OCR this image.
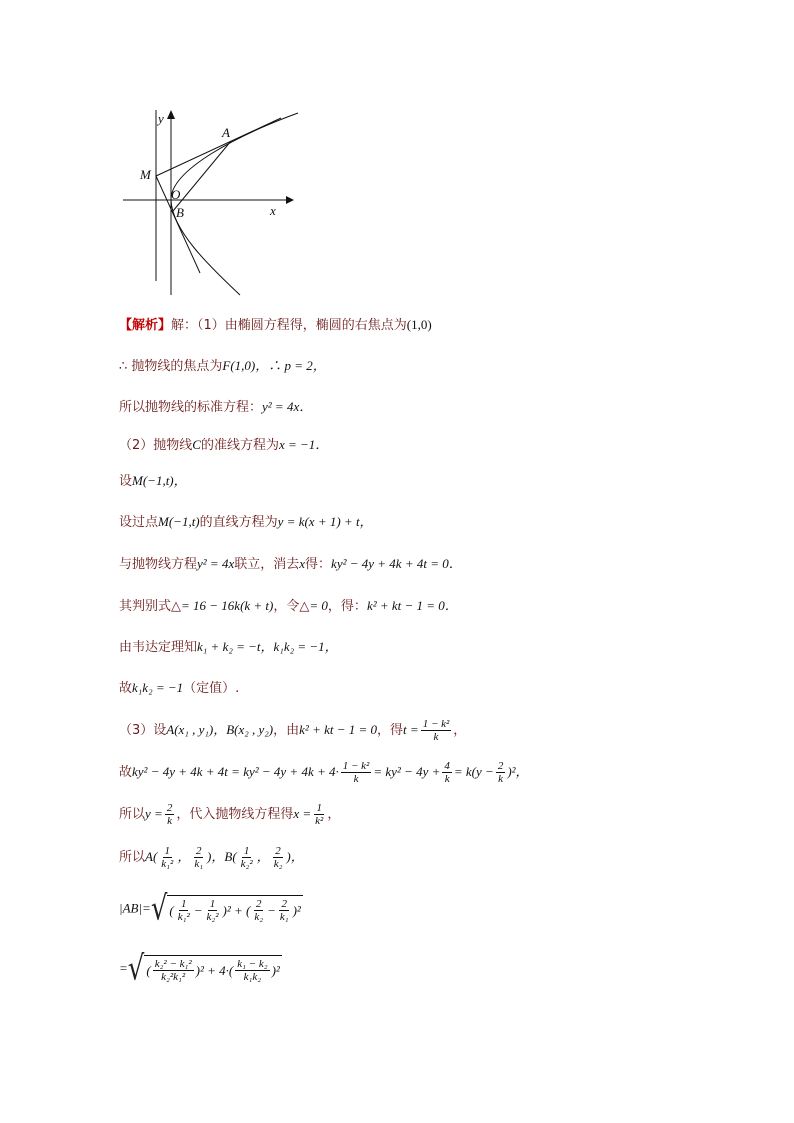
y
A
M
O
B	x
【解析】解：（1）由椭圆方程得，椭圆的右焦点为(1,0)
∴ 抛物线的焦点为F(1,0)，∴ p = 2，
所以抛物线的标准方程：y² = 4x．
（2）抛物线C的准线方程为x = −1．
设M(−1,t)，
设过点M(−1,t)的直线方程为y = k(x + 1) + t，
与抛物线方程y² = 4x联立，消去x得：ky² − 4y + 4k + 4t = 0．
其判别式△= 16 − 16k(k + t)，令△= 0，得：k² + kt − 1 = 0．
由韦达定理知k₁ + k₂ = −t，k₁k₂ = −1，
故k₁k₂ = −1（定值）.
（3）设A(x₁ , y₁)，B(x₂ , y₂)，由k² + kt − 1 = 0，得$t = \frac{\text{1 − k²}}{k}$ ，
故$ky^2 - 4y + 4k + 4t = ky^2 - 4y + 4k + 4\cdot \frac{\text{1 − k²}}{k} = ky^2 - 4y + \frac{4}{k} = k(y - \frac{2}{k} )^2$，
所以$y = \frac{2}{k}$ ，代入抛物线方程得$x = \frac{1}{\text{k²}}$ ，
所以$A( \frac{1}{\text{k₁²}}$ ， $\frac{2}{\text{k₁}}$ )，$B( \frac{1}{\text{k₂²}}$ ， $\frac{2}{\text{k₂}}$ )，
|AB|= √ ( $\frac{1}{\text{k₁²}} - \frac{1}{\text{k₂²}} )^2$ + ( $\frac{2}{\text{k₂}} - \frac{2}{\text{k₁}} )^2$
= √ ( $\frac{\text{k₂² − k₁²}}{\text{k₂²k₁²}} )^2 + 4\cdot( \frac{\text{k₁ − k₂}}{\text{k₁k₂}} )^2$
